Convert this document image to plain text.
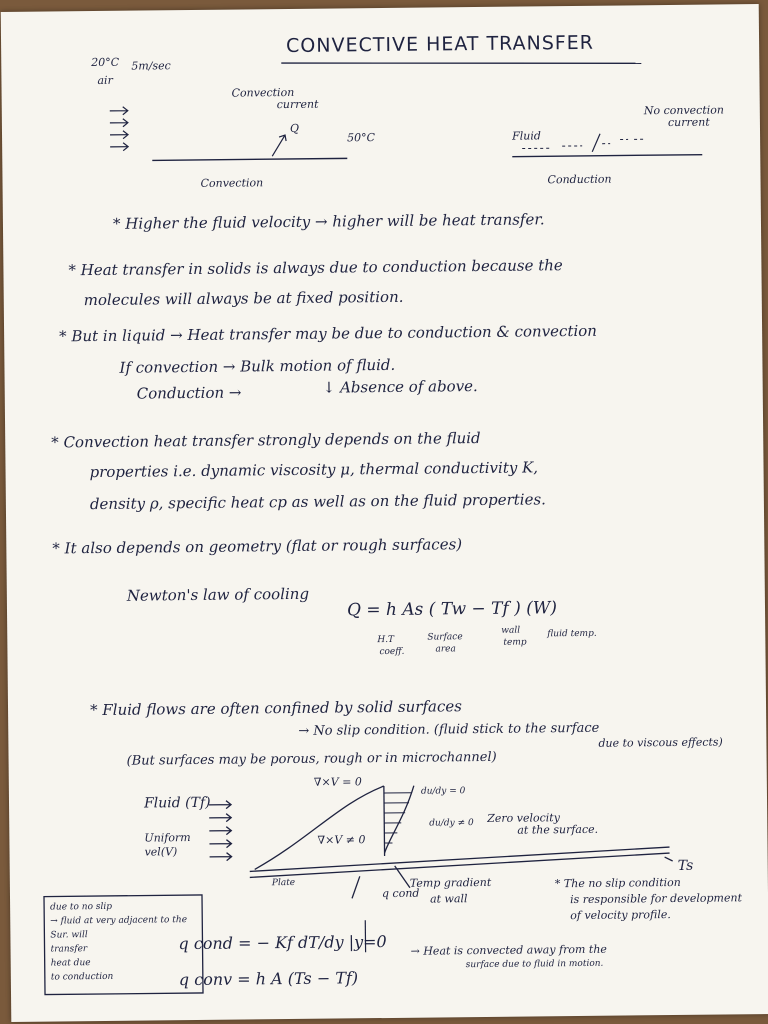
CONVECTIVE HEAT TRANSFER
20°C 5m/sec
air
Convection
current
Q
50°C
Convection
Fluid
No convection
current
Conduction
* Higher the fluid velocity → higher will be heat transfer.
* Heat transfer in solids is always due to conduction because the
molecules will always be at fixed position.
* But in liquid → Heat transfer may be due to conduction & convection
If convection → Bulk motion of fluid.
Conduction →	↓ Absence of above.
* Convection heat transfer strongly depends on the fluid
properties i.e. dynamic viscosity μ, thermal conductivity K,
density ρ, specific heat cp as well as on the fluid properties.
* It also depends on geometry (flat or rough surfaces)
Newton's law of cooling
Q = h As ( Tw − Tf ) (W)
H.T
coeff.
Surface
area
wall
temp
fluid temp.
* Fluid flows are often confined by solid surfaces
→ No slip condition. (fluid stick to the surface
due to viscous effects)
(But surfaces may be porous, rough or in microchannel)
Fluid (Tf)
Uniform
vel(V)
∇×V = 0
∇×V ≠ 0
du/dy = 0
du/dy ≠ 0 Zero velocity
at the surface.
Ts
Plate
q cond
Temp gradient
at wall
due to no slip
→ fluid at very adjacent to the
Sur. will
transfer
heat due
to conduction
* The no slip condition
is responsible for development
of velocity profile.
q cond = − Kf dT/dy |y=0
q conv = h A (Ts − Tf)
→ Heat is convected away from the
surface due to fluid in motion.
